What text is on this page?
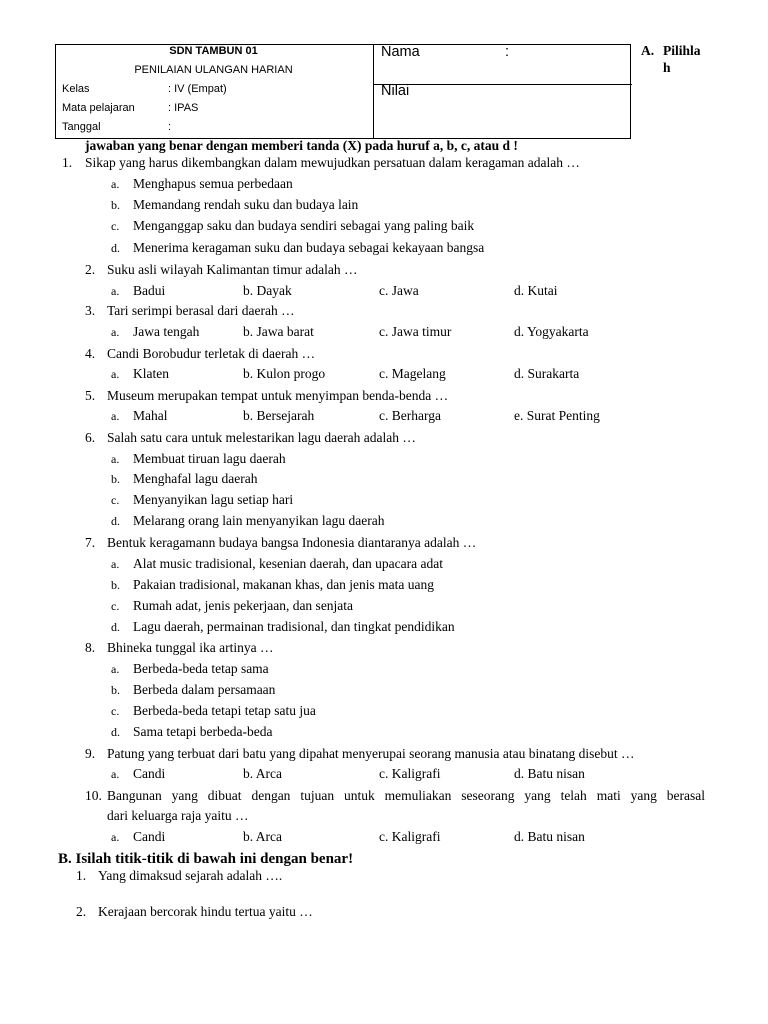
SDN TAMBUN 01
PENILAIAN ULANGAN HARIAN
Kelas	: IV (Empat)
Mata pelajaran	: IPAS
Tanggal	:
Nama	:
Nilai
A. Pilihla
h
jawaban yang benar dengan memberi tanda (X) pada huruf a, b, c, atau d !
1. Sikap yang harus dikembangkan dalam mewujudkan persatuan dalam keragaman adalah …
a. Menghapus semua perbedaan
b. Memandang rendah suku dan budaya lain
c. Menganggap saku dan budaya sendiri sebagai yang paling baik
d. Menerima keragaman suku dan budaya sebagai kekayaan bangsa
2. Suku asli wilayah Kalimantan timur adalah …
a. Badui	b. Dayak	c. Jawa	d. Kutai
3. Tari serimpi berasal dari daerah …
a. Jawa tengah	b. Jawa barat	c. Jawa timur	d. Yogyakarta
4. Candi Borobudur terletak di daerah …
a. Klaten	b. Kulon progo	c. Magelang	d. Surakarta
5. Museum merupakan tempat untuk menyimpan benda-benda …
a. Mahal	b. Bersejarah	c. Berharga	e. Surat Penting
6. Salah satu cara untuk melestarikan lagu daerah adalah …
a. Membuat tiruan lagu daerah
b. Menghafal lagu daerah
c. Menyanyikan lagu setiap hari
d. Melarang orang lain menyanyikan lagu daerah
7. Bentuk keragamann budaya bangsa Indonesia diantaranya adalah …
a. Alat music tradisional, kesenian daerah, dan upacara adat
b. Pakaian tradisional, makanan khas, dan jenis mata uang
c. Rumah adat, jenis pekerjaan, dan senjata
d. Lagu daerah, permainan tradisional, dan tingkat pendidikan
8. Bhineka tunggal ika artinya …
a. Berbeda-beda tetap sama
b. Berbeda dalam persamaan
c. Berbeda-beda tetapi tetap satu jua
d. Sama tetapi berbeda-beda
9. Patung yang terbuat dari batu yang dipahat menyerupai seorang manusia atau binatang disebut …
a. Candi	b. Arca	c. Kaligrafi	d. Batu nisan
10. Bangunan yang dibuat dengan tujuan untuk memuliakan seseorang yang telah mati yang berasal
dari keluarga raja yaitu …
a. Candi	b. Arca	c. Kaligrafi	d. Batu nisan
B. Isilah titik-titik di bawah ini dengan benar!
1. Yang dimaksud sejarah adalah ….
2. Kerajaan bercorak hindu tertua yaitu …
